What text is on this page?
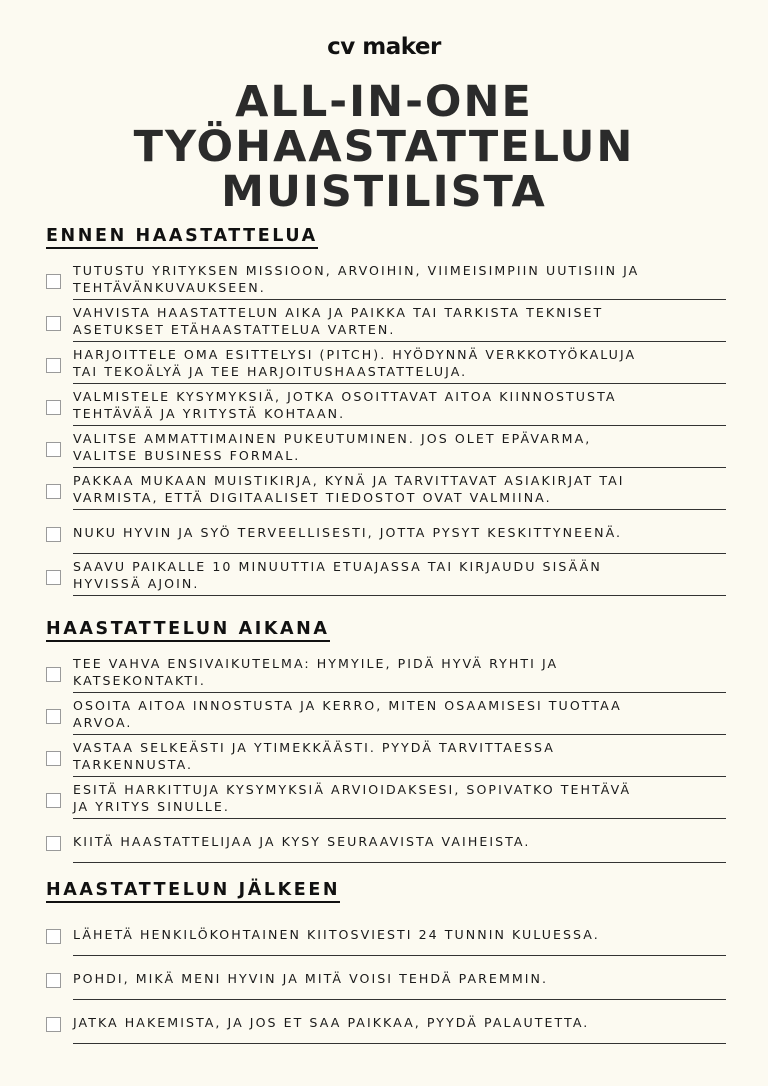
cv maker
ALL-IN-ONE
TYÖHAASTATTELUN
MUISTILISTA
ENNEN HAASTATTELUA
TUTUSTU YRITYKSEN MISSIOON, ARVOIHIN, VIIMEISIMPIIN UUTISIIN JA
TEHTÄVÄNKUVAUKSEEN.
VAHVISTA HAASTATTELUN AIKA JA PAIKKA TAI TARKISTA TEKNISET
ASETUKSET ETÄHAASTATTELUA VARTEN.
HARJOITTELE OMA ESITTELYSI (PITCH). HYÖDYNNÄ VERKKOTYÖKALUJA
TAI TEKOÄLYÄ JA TEE HARJOITUSHAASTATTELUJA.
VALMISTELE KYSYMYKSIÄ, JOTKA OSOITTAVAT AITOA KIINNOSTUSTA
TEHTÄVÄÄ JA YRITYSTÄ KOHTAAN.
VALITSE AMMATTIMAINEN PUKEUTUMINEN. JOS OLET EPÄVARMA,
VALITSE BUSINESS FORMAL.
PAKKAA MUKAAN MUISTIKIRJA, KYNÄ JA TARVITTAVAT ASIAKIRJAT TAI
VARMISTA, ETTÄ DIGITAALISET TIEDOSTOT OVAT VALMIINA.
NUKU HYVIN JA SYÖ TERVEELLISESTI, JOTTA PYSYT KESKITTYNEENÄ.
SAAVU PAIKALLE 10 MINUUTTIA ETUAJASSA TAI KIRJAUDU SISÄÄN
HYVISSÄ AJOIN.
HAASTATTELUN AIKANA
TEE VAHVA ENSIVAIKUTELMA: HYMYILE, PIDÄ HYVÄ RYHTI JA
KATSEKONTAKTI.
OSOITA AITOA INNOSTUSTA JA KERRO, MITEN OSAAMISESI TUOTTAA
ARVOA.
VASTAA SELKEÄSTI JA YTIMEKKÄÄSTI. PYYDÄ TARVITTAESSA
TARKENNUSTA.
ESITÄ HARKITTUJA KYSYMYKSIÄ ARVIOIDAKSESI, SOPIVATKO TEHTÄVÄ
JA YRITYS SINULLE.
KIITÄ HAASTATTELIJAA JA KYSY SEURAAVISTA VAIHEISTA.
HAASTATTELUN JÄLKEEN
LÄHETÄ HENKILÖKOHTAINEN KIITOSVIESTI 24 TUNNIN KULUESSA.
POHDI, MIKÄ MENI HYVIN JA MITÄ VOISI TEHDÄ PAREMMIN.
JATKA HAKEMISTA, JA JOS ET SAA PAIKKAA, PYYDÄ PALAUTETTA.
